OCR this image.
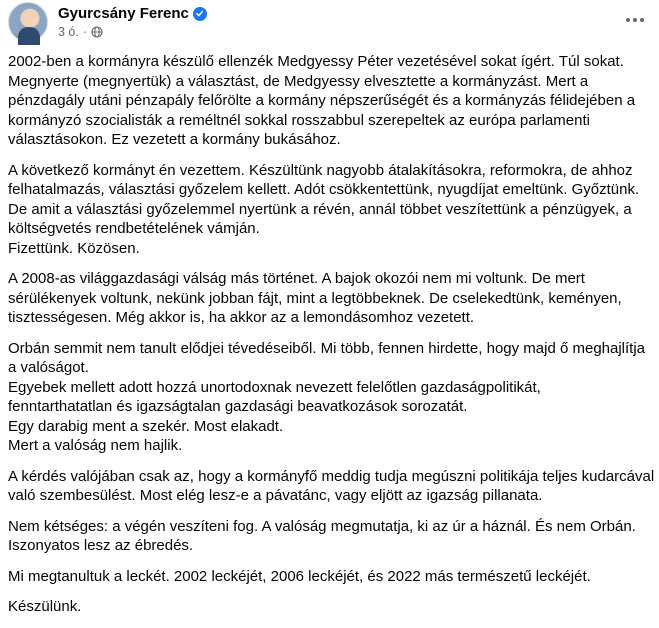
Gyurcsány Ferenc
3 ó. ·

2002-ben a kormányra készülő ellenzék Medgyessy Péter vezetésével sokat ígért. Túl sokat.
Megnyerte (megnyertük) a választást, de Medgyessy elvesztette a kormányzást. Mert a
pénzdagály utáni pénzapály felőrölte a kormány népszerűségét és a kormányzás félidejében a
kormányzó szocialisták a reméltnél sokkal rosszabbul szerepeltek az európa parlamenti
választásokon. Ez vezetett a kormány bukásához.

A következő kormányt én vezettem. Készültünk nagyobb átalakításokra, reformokra, de ahhoz
felhatalmazás, választási győzelem kellett. Adót csökkentettünk, nyugdíjat emeltünk. Győztünk.
De amit a választási győzelemmel nyertünk a révén, annál többet veszítettünk a pénzügyek, a
költségvetés rendbetételének vámján.
Fizettünk. Közösen.

A 2008-as világgazdasági válság más történet. A bajok okozói nem mi voltunk. De mert
sérülékenyek voltunk, nekünk jobban fájt, mint a legtöbbeknek. De cselekedtünk, keményen,
tisztességesen. Még akkor is, ha akkor az a lemondásomhoz vezetett.

Orbán semmit nem tanult elődjei tévedéseiből. Mi több, fennen hirdette, hogy majd ő meghajlítja
a valóságot.
Egyebek mellett adott hozzá unortodoxnak nevezett felelőtlen gazdaságpolitikát,
fenntarthatatlan és igazságtalan gazdasági beavatkozások sorozatát.
Egy darabig ment a szekér. Most elakadt.
Mert a valóság nem hajlik.

A kérdés valójában csak az, hogy a kormányfő meddig tudja megúszni politikája teljes kudarcával
való szembesülést. Most elég lesz-e a pávatánc, vagy eljött az igazság pillanata.

Nem kétséges: a végén veszíteni fog. A valóság megmutatja, ki az úr a háznál. És nem Orbán.
Iszonyatos lesz az ébredés.

Mi megtanultuk a leckét. 2002 leckéjét, 2006 leckéjét, és 2022 más természetű leckéjét.

Készülünk.
